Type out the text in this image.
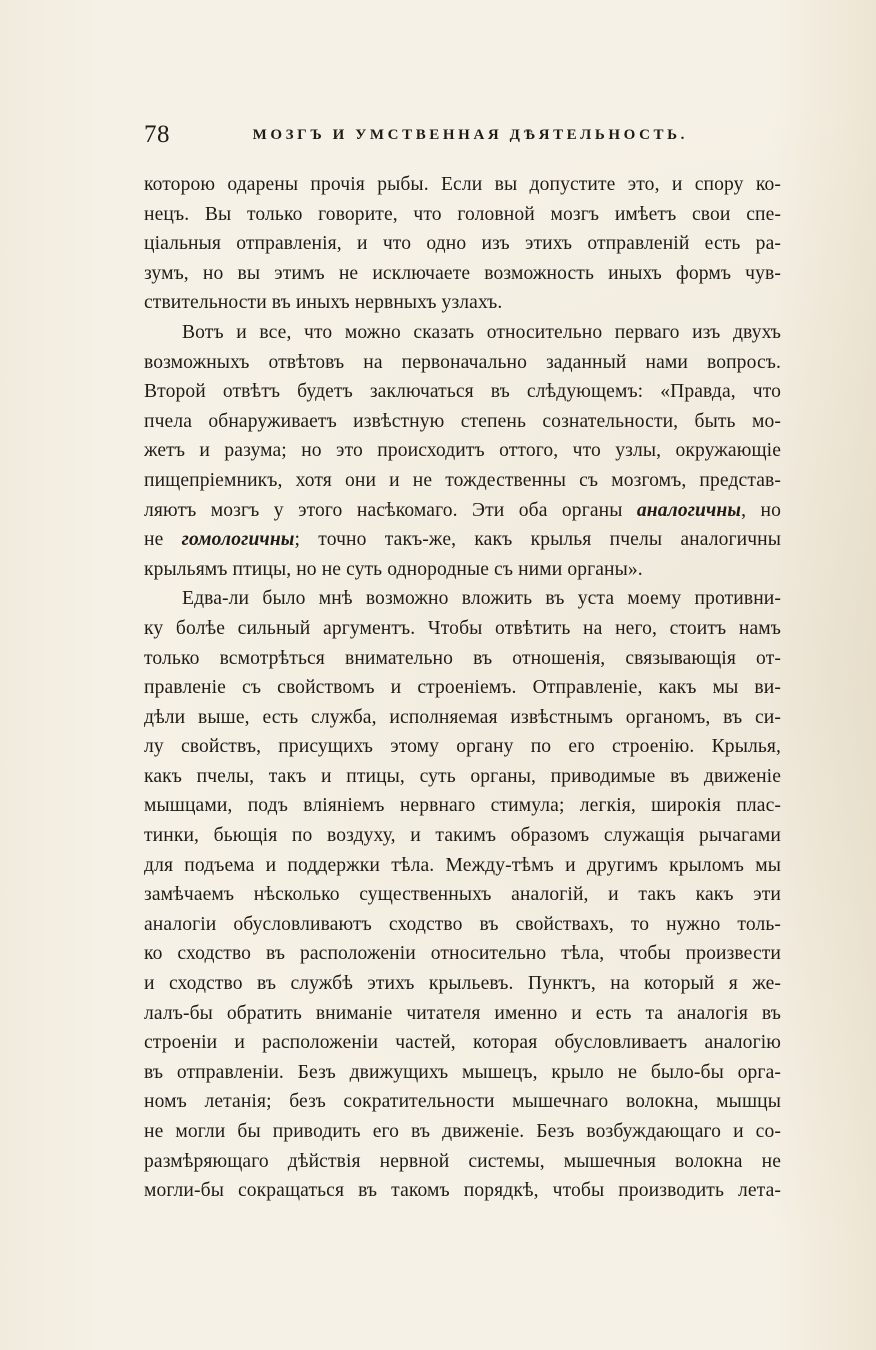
78	МОЗГЪ И УМСТВЕННАЯ ДѢЯТЕЛЬНОСТЬ.
которою одарены прочія рыбы. Если вы допустите это, и спору ко-
нецъ. Вы только говорите, что головной мозгъ имѣетъ свои спе-
ціальныя отправленія, и что одно изъ этихъ отправленій есть ра-
зумъ, но вы этимъ не исключаете возможность иныхъ формъ чув-
ствительности въ иныхъ нервныхъ узлахъ.
Вотъ и все, что можно сказать относительно перваго изъ двухъ
возможныхъ отвѣтовъ на первоначально заданный нами вопросъ.
Второй отвѣтъ будетъ заключаться въ слѣдующемъ: «Правда, что
пчела обнаруживаетъ извѣстную степень сознательности, быть мо-
жетъ и разума; но это происходитъ оттого, что узлы, окружающіе
пищепріемникъ, хотя они и не тождественны съ мозгомъ, представ-
ляютъ мозгъ у этого насѣкомаго. Эти оба органы аналогичны, но
не гомологичны; точно такъ-же, какъ крылья пчелы аналогичны
крыльямъ птицы, но не суть однородные съ ними органы».
Едва-ли было мнѣ возможно вложить въ уста моему противни-
ку болѣе сильный аргументъ. Чтобы отвѣтить на него, стоитъ намъ
только всмотрѣться внимательно въ отношенія, связывающія от-
правленіе съ свойствомъ и строеніемъ. Отправленіе, какъ мы ви-
дѣли выше, есть служба, исполняемая извѣстнымъ органомъ, въ си-
лу свойствъ, присущихъ этому органу по его строенію. Крылья,
какъ пчелы, такъ и птицы, суть органы, приводимые въ движеніе
мышцами, подъ вліяніемъ нервнаго стимула; легкія, широкія плас-
тинки, бьющія по воздуху, и такимъ образомъ служащія рычагами
для подъема и поддержки тѣла. Между-тѣмъ и другимъ крыломъ мы
замѣчаемъ нѣсколько существенныхъ аналогій, и такъ какъ эти
аналогіи обусловливаютъ сходство въ свойствахъ, то нужно толь-
ко сходство въ расположеніи относительно тѣла, чтобы произвести
и сходство въ службѣ этихъ крыльевъ. Пунктъ, на который я же-
лалъ-бы обратить вниманіе читателя именно и есть та аналогія въ
строеніи и расположеніи частей, которая обусловливаетъ аналогію
въ отправленіи. Безъ движущихъ мышецъ, крыло не было-бы орга-
номъ летанія; безъ сократительности мышечнаго волокна, мышцы
не могли бы приводить его въ движеніе. Безъ возбуждающаго и со-
размѣряющаго дѣйствія нервной системы, мышечныя волокна не
могли-бы сокращаться въ такомъ порядкѣ, чтобы производить лета-
